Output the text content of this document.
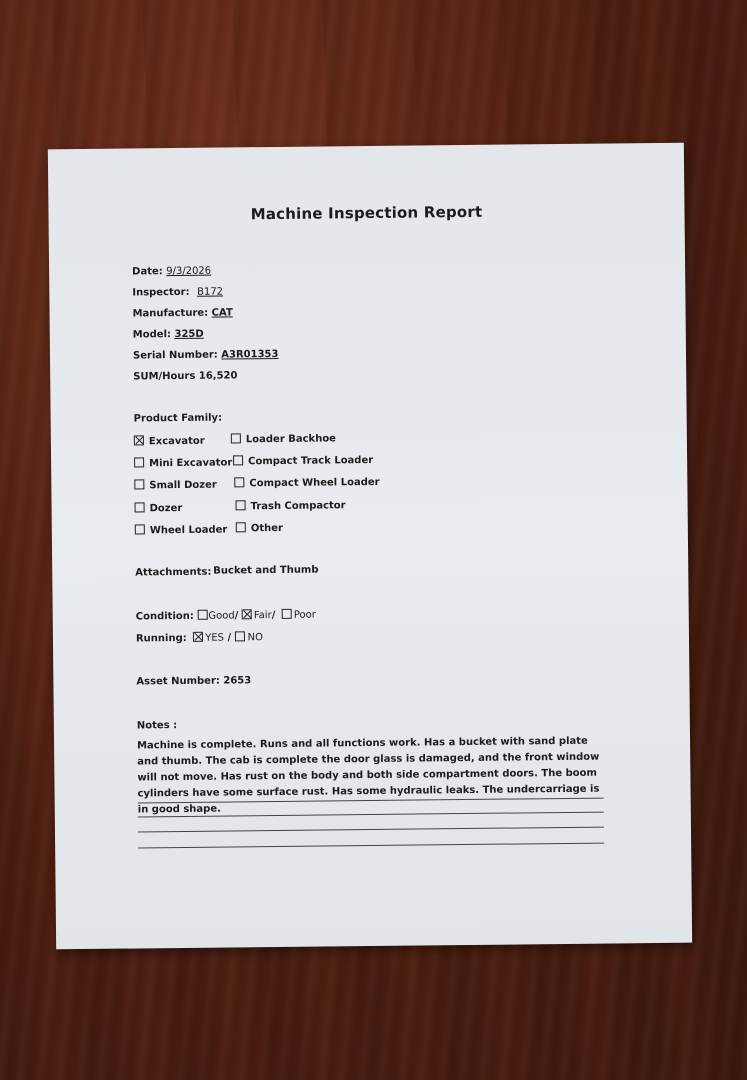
Machine Inspection Report
Date: 9/3/2026
Inspector: B172
Manufacture: CAT
Model: 325D
Serial Number: A3R01353
SUM/Hours 16,520
Product Family:
Excavator
Mini Excavator
Small Dozer
Dozer
Wheel Loader
Loader Backhoe
Compact Track Loader
Compact Wheel Loader
Trash Compactor
Other
Attachments: Bucket and Thumb
Condition: Good/ Fair/ Poor
Running: YES / NO
Asset Number: 2653
Notes :
Machine is complete. Runs and all functions work. Has a bucket with sand plate and thumb. The cab is complete the door glass is damaged, and the front window will not move. Has rust on the body and both side compartment doors. The boom cylinders have some surface rust. Has some hydraulic leaks. The undercarriage is in good shape.
